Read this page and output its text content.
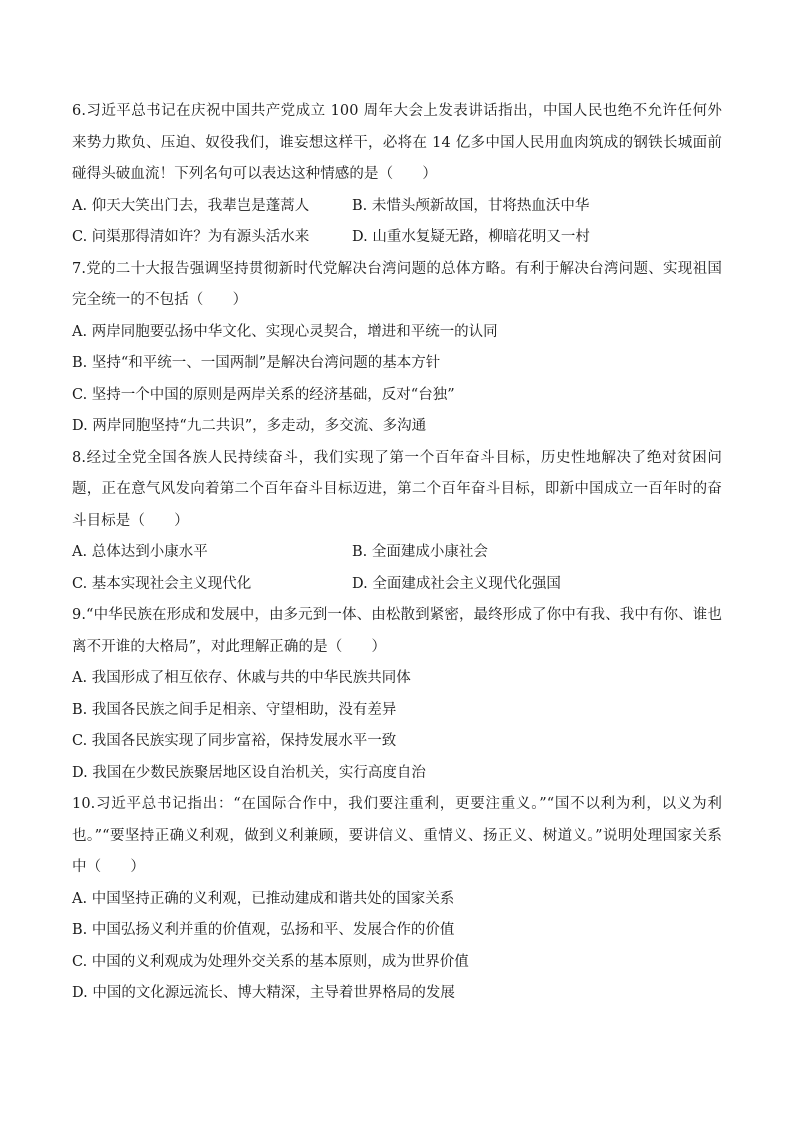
6.习近平总书记在庆祝中国共产党成立 100 周年大会上发表讲话指出，中国人民也绝不允许任何外来势力欺负、压迫、奴役我们，谁妄想这样干，必将在 14 亿多中国人民用血肉筑成的钢铁长城面前碰得头破血流！下列名句可以表达这种情感的是（　　）

A. 仰天大笑出门去，我辈岂是蓬蒿人	B. 未惜头颅新故国，甘将热血沃中华
C. 问渠那得清如许？为有源头活水来	D. 山重水复疑无路，柳暗花明又一村

7.党的二十大报告强调坚持贯彻新时代党解决台湾问题的总体方略。有利于解决台湾问题、实现祖国完全统一的不包括（　　）

A. 两岸同胞要弘扬中华文化、实现心灵契合，增进和平统一的认同
B. 坚持“和平统一、一国两制”是解决台湾问题的基本方针
C. 坚持一个中国的原则是两岸关系的经济基础，反对“台独”
D. 两岸同胞坚持“九二共识”，多走动，多交流、多沟通

8.经过全党全国各族人民持续奋斗，我们实现了第一个百年奋斗目标，历史性地解决了绝对贫困问题，正在意气风发向着第二个百年奋斗目标迈进，第二个百年奋斗目标，即新中国成立一百年时的奋斗目标是（　　）

A. 总体达到小康水平	B. 全面建成小康社会
C. 基本实现社会主义现代化	D. 全面建成社会主义现代化强国

9.“中华民族在形成和发展中，由多元到一体、由松散到紧密，最终形成了你中有我、我中有你、谁也离不开谁的大格局”，对此理解正确的是（　　）

A. 我国形成了相互依存、休戚与共的中华民族共同体
B. 我国各民族之间手足相亲、守望相助，没有差异
C. 我国各民族实现了同步富裕，保持发展水平一致
D. 我国在少数民族聚居地区设自治机关，实行高度自治

10.习近平总书记指出：“在国际合作中，我们要注重利，更要注重义。”“国不以利为利，以义为利也。”“要坚持正确义利观，做到义利兼顾，要讲信义、重情义、扬正义、树道义。”说明处理国家关系中（　　）

A. 中国坚持正确的义利观，已推动建成和谐共处的国家关系
B. 中国弘扬义利并重的价值观，弘扬和平、发展合作的价值
C. 中国的义利观成为处理外交关系的基本原则，成为世界价值
D. 中国的文化源远流长、博大精深，主导着世界格局的发展
